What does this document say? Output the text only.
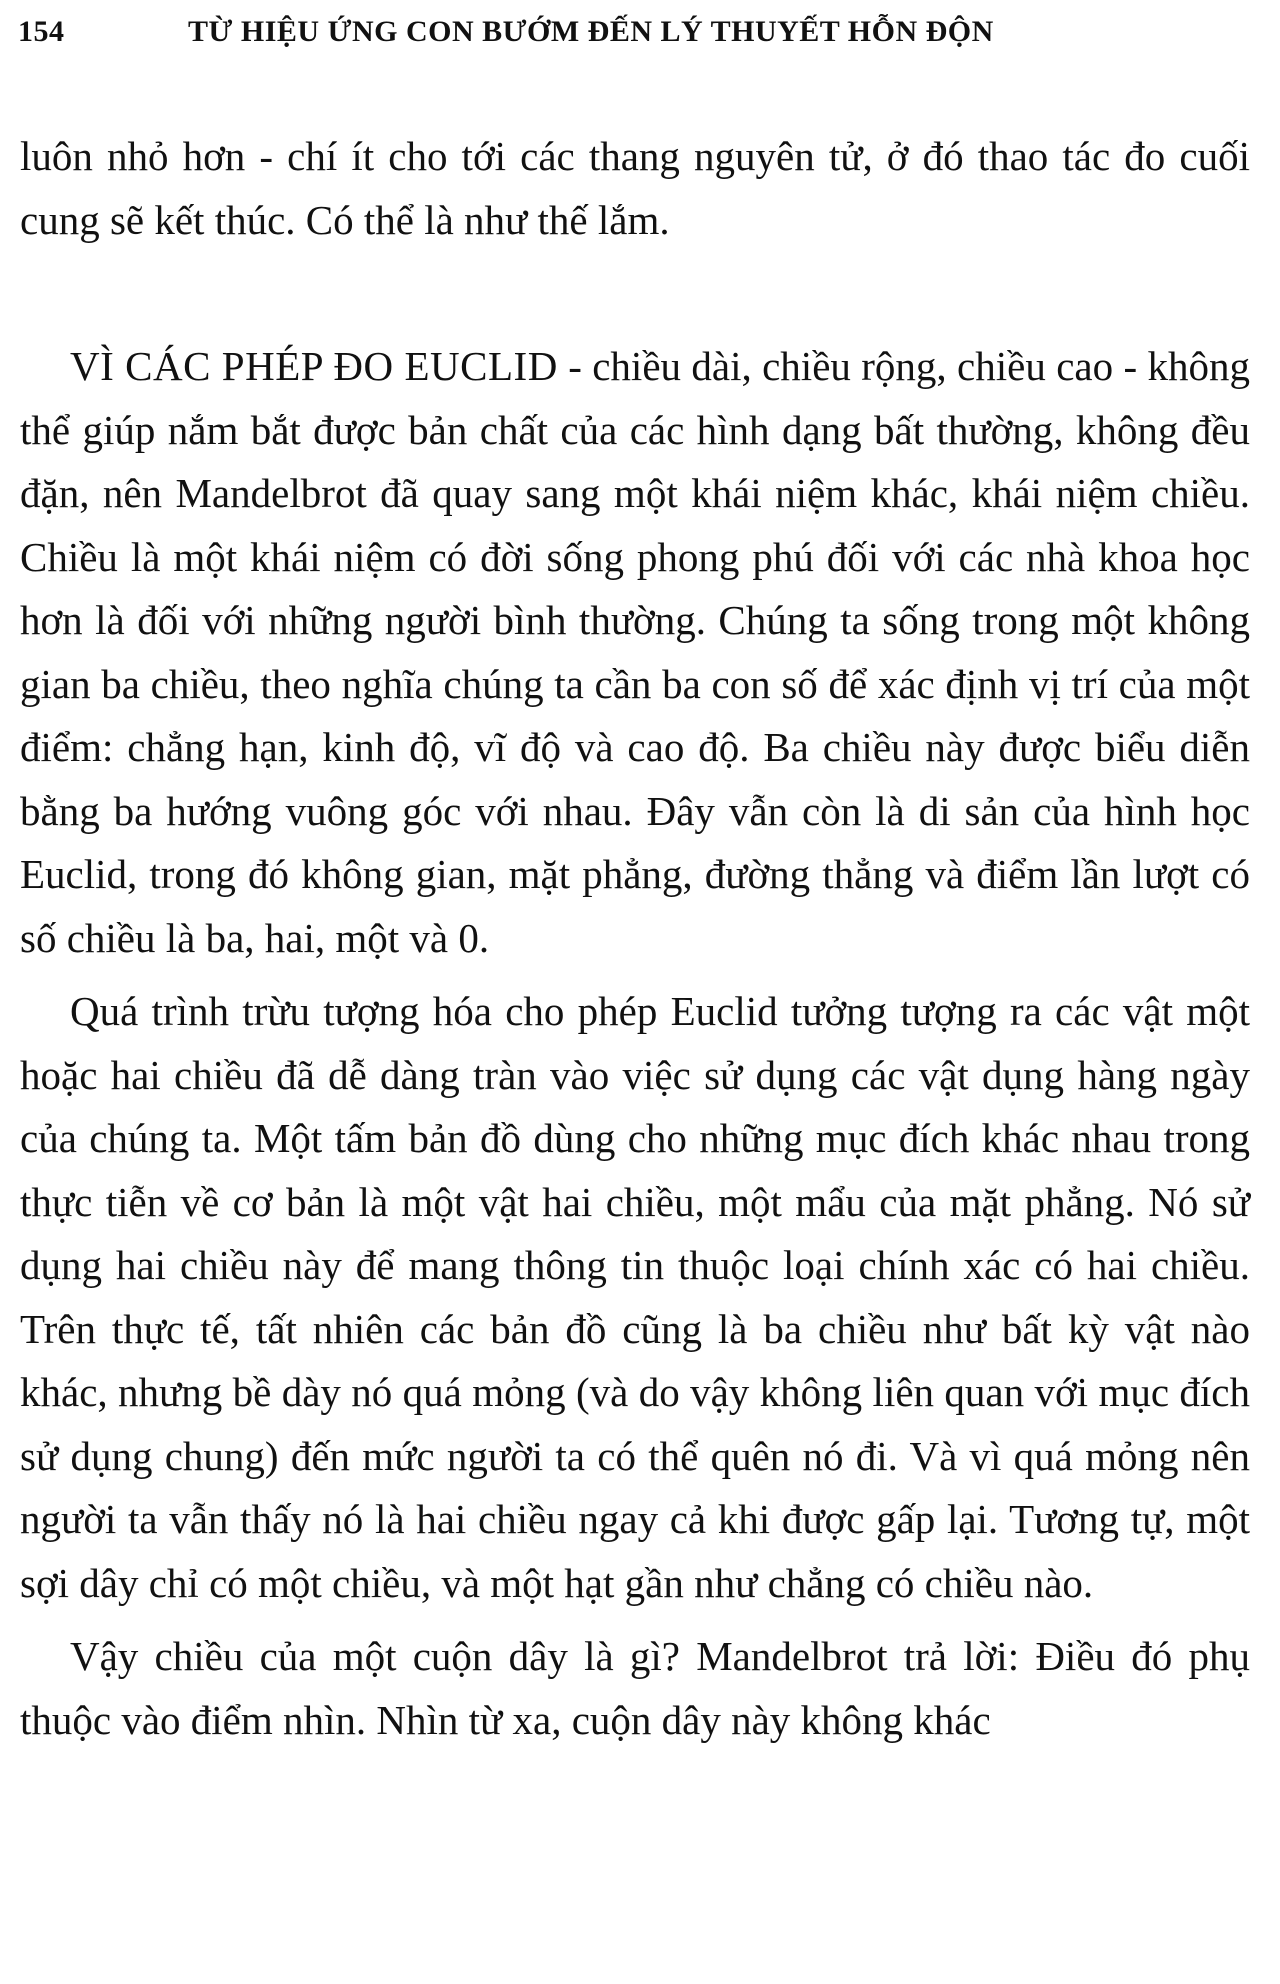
154	TỪ HIỆU ỨNG CON BƯỚM ĐẾN LÝ THUYẾT HỖN ĐỘN

luôn nhỏ hơn - chí ít cho tới các thang nguyên tử, ở đó thao tác đo cuối cung sẽ kết thúc. Có thể là như thế lắm.

VÌ CÁC PHÉP ĐO EUCLID - chiều dài, chiều rộng, chiều cao - không thể giúp nắm bắt được bản chất của các hình dạng bất thường, không đều đặn, nên Mandelbrot đã quay sang một khái niệm khác, khái niệm chiều. Chiều là một khái niệm có đời sống phong phú đối với các nhà khoa học hơn là đối với những người bình thường. Chúng ta sống trong một không gian ba chiều, theo nghĩa chúng ta cần ba con số để xác định vị trí của một điểm: chẳng hạn, kinh độ, vĩ độ và cao độ. Ba chiều này được biểu diễn bằng ba hướng vuông góc với nhau. Đây vẫn còn là di sản của hình học Euclid, trong đó không gian, mặt phẳng, đường thẳng và điểm lần lượt có số chiều là ba, hai, một và 0.

Quá trình trừu tượng hóa cho phép Euclid tưởng tượng ra các vật một hoặc hai chiều đã dễ dàng tràn vào việc sử dụng các vật dụng hàng ngày của chúng ta. Một tấm bản đồ dùng cho những mục đích khác nhau trong thực tiễn về cơ bản là một vật hai chiều, một mẩu của mặt phẳng. Nó sử dụng hai chiều này để mang thông tin thuộc loại chính xác có hai chiều. Trên thực tế, tất nhiên các bản đồ cũng là ba chiều như bất kỳ vật nào khác, nhưng bề dày nó quá mỏng (và do vậy không liên quan với mục đích sử dụng chung) đến mức người ta có thể quên nó đi. Và vì quá mỏng nên người ta vẫn thấy nó là hai chiều ngay cả khi được gấp lại. Tương tự, một sợi dây chỉ có một chiều, và một hạt gần như chẳng có chiều nào.

Vậy chiều của một cuộn dây là gì? Mandelbrot trả lời: Điều đó phụ thuộc vào điểm nhìn. Nhìn từ xa, cuộn dây này không khác
